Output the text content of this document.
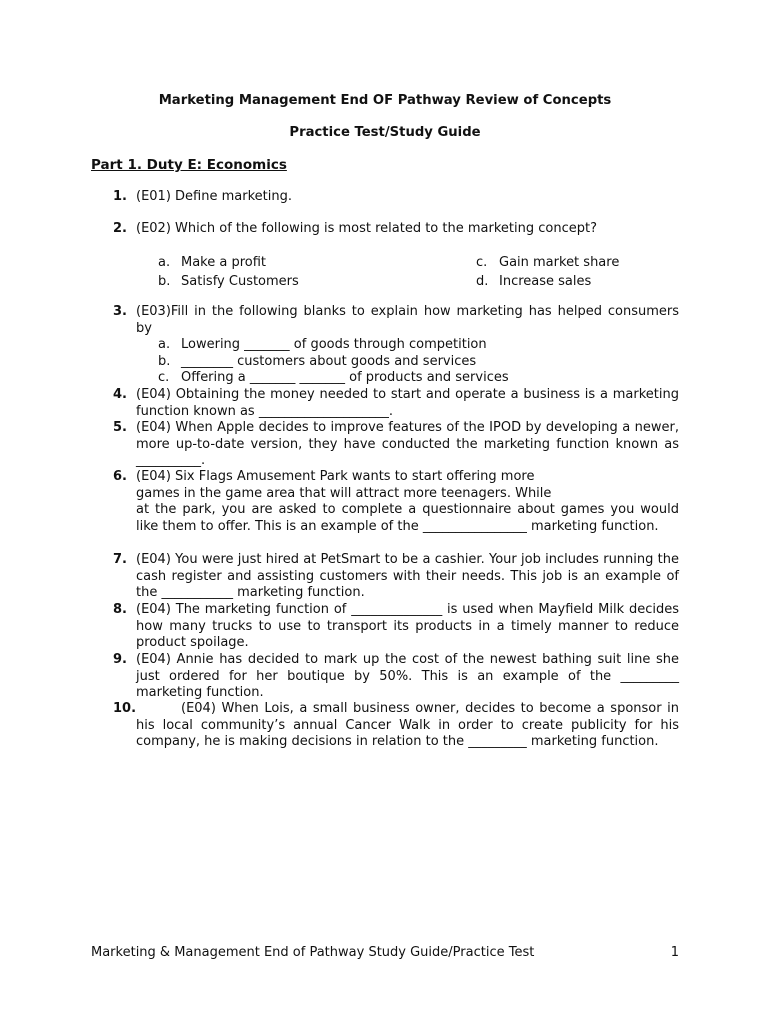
Marketing Management End OF Pathway Review of Concepts
Practice Test/Study Guide
Part 1. Duty E: Economics
1. (E01) Define marketing.
2. (E02) Which of the following is most related to the marketing concept?
a. Make a profit	c. Gain market share
b. Satisfy Customers	d. Increase sales
3. (E03)Fill in the following blanks to explain how marketing has helped consumers by
a. Lowering _______ of goods through competition
b. ________ customers about goods and services
c. Offering a _______ _______ of products and services
4. (E04) Obtaining the money needed to start and operate a business is a marketing function known as ____________________.
5. (E04) When Apple decides to improve features of the IPOD by developing a newer, more up-to-date version, they have conducted the marketing function known as __________.
6. (E04) Six Flags Amusement Park wants to start offering more
games in the game area that will attract more teenagers. While
at the park, you are asked to complete a questionnaire about games you would like them to offer. This is an example of the ________________ marketing function.
7. (E04) You were just hired at PetSmart to be a cashier. Your job includes running the cash register and assisting customers with their needs. This job is an example of the ___________ marketing function.
8. (E04) The marketing function of ______________ is used when Mayfield Milk decides how many trucks to use to transport its products in a timely manner to reduce product spoilage.
9. (E04) Annie has decided to mark up the cost of the newest bathing suit line she just ordered for her boutique by 50%. This is an example of the _________ marketing function.
10.	(E04) When Lois, a small business owner, decides to become a sponsor in his local community’s annual Cancer Walk in order to create publicity for his company, he is making decisions in relation to the _________ marketing function.
Marketing & Management End of Pathway Study Guide/Practice Test	1
